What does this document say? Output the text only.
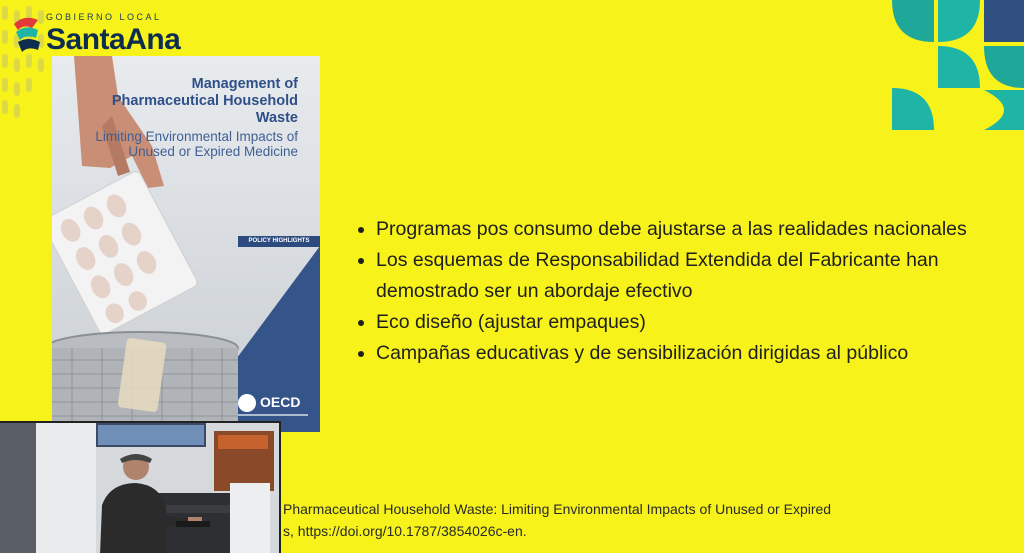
GOBIERNO LOCAL
SantaAna
Management of Pharmaceutical Household Waste
Limiting Environmental Impacts of Unused or Expired Medicine
POLICY HIGHLIGHTS
OECD
Programas pos consumo debe ajustarse a las realidades nacionales
Los esquemas de Responsabilidad Extendida del Fabricante han demostrado ser un abordaje efectivo
Eco diseño (ajustar empaques)
Campañas educativas y de sensibilización dirigidas al público
Pharmaceutical Household Waste: Limiting Environmental Impacts of Unused or Expired
s, https://doi.org/10.1787/3854026c-en.
